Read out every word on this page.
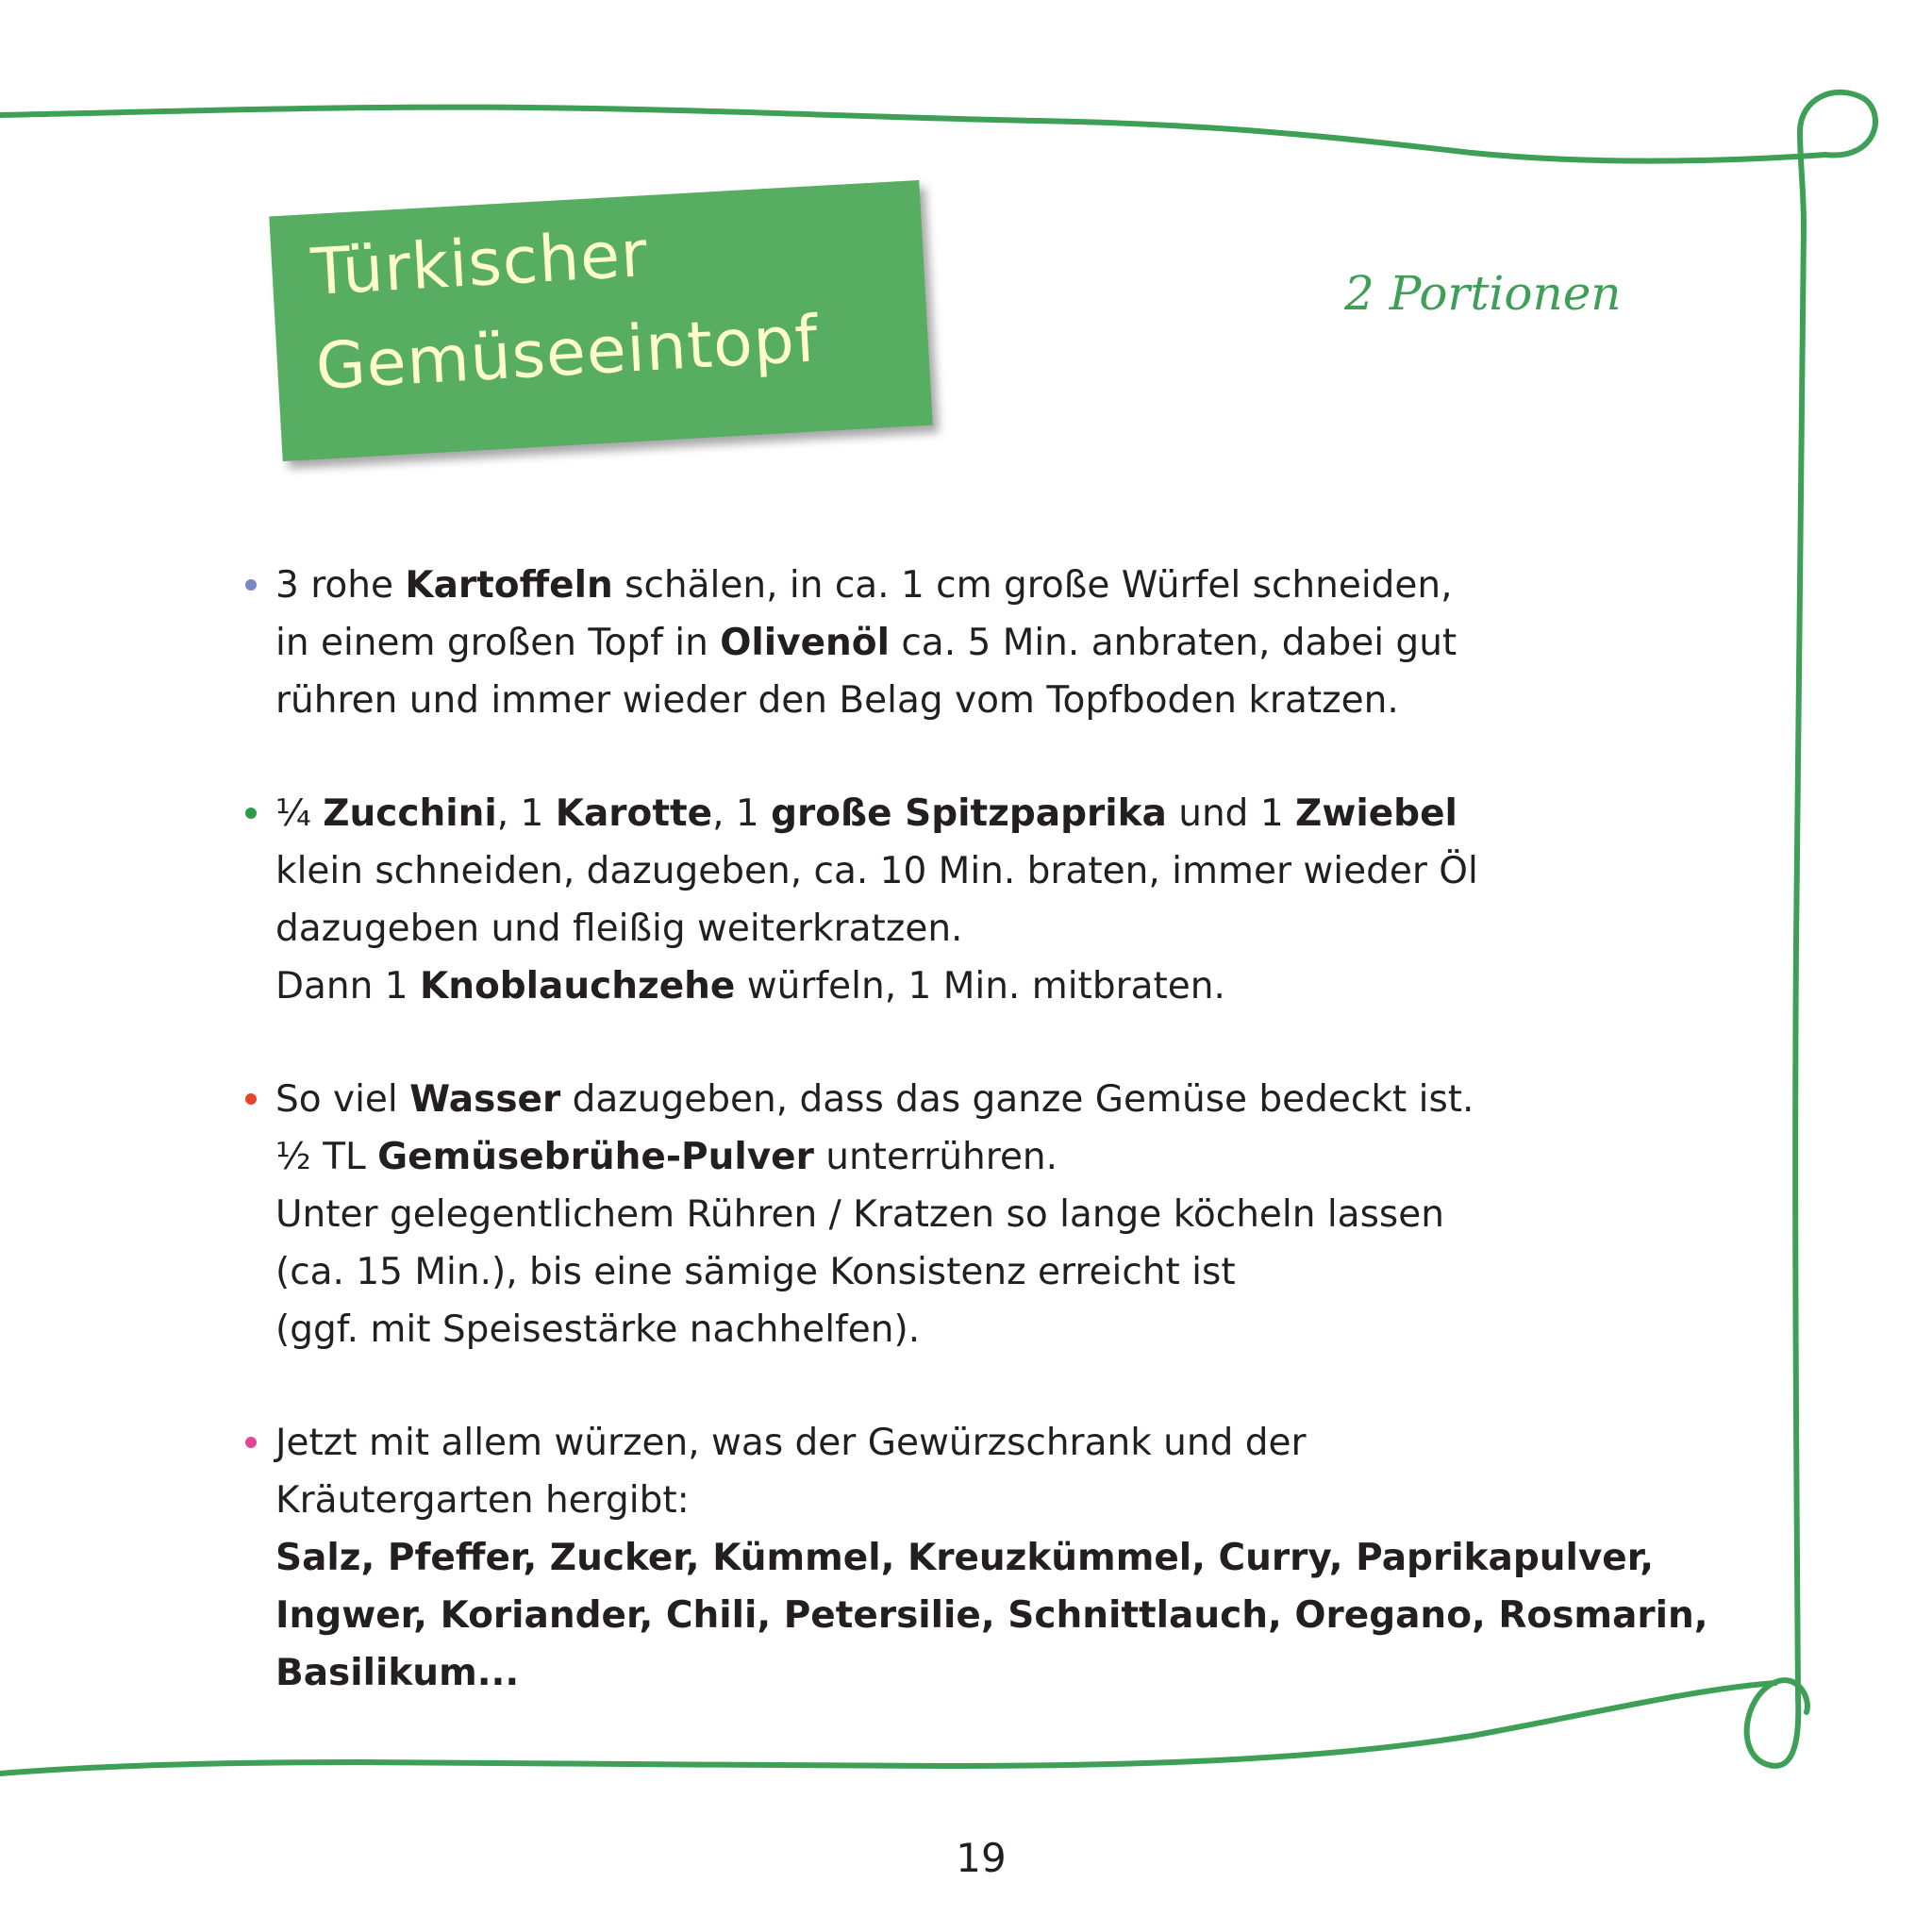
Türkischer
Gemüseeintopf
2 Portionen
3 rohe Kartoffeln schälen, in ca. 1 cm große Würfel schneiden,
in einem großen Topf in Olivenöl ca. 5 Min. anbraten, dabei gut
rühren und immer wieder den Belag vom Topfboden kratzen.
¼ Zucchini, 1 Karotte, 1 große Spitzpaprika und 1 Zwiebel
klein schneiden, dazugeben, ca. 10 Min. braten, immer wieder Öl
dazugeben und fleißig weiterkratzen.
Dann 1 Knoblauchzehe würfeln, 1 Min. mitbraten.
So viel Wasser dazugeben, dass das ganze Gemüse bedeckt ist.
½ TL Gemüsebrühe-Pulver unterrühren.
Unter gelegentlichem Rühren / Kratzen so lange köcheln lassen
(ca. 15 Min.), bis eine sämige Konsistenz erreicht ist
(ggf. mit Speisestärke nachhelfen).
Jetzt mit allem würzen, was der Gewürzschrank und der
Kräutergarten hergibt:
Salz, Pfeffer, Zucker, Kümmel, Kreuzkümmel, Curry, Paprikapulver,
Ingwer, Koriander, Chili, Petersilie, Schnittlauch, Oregano, Rosmarin,
Basilikum...
19
